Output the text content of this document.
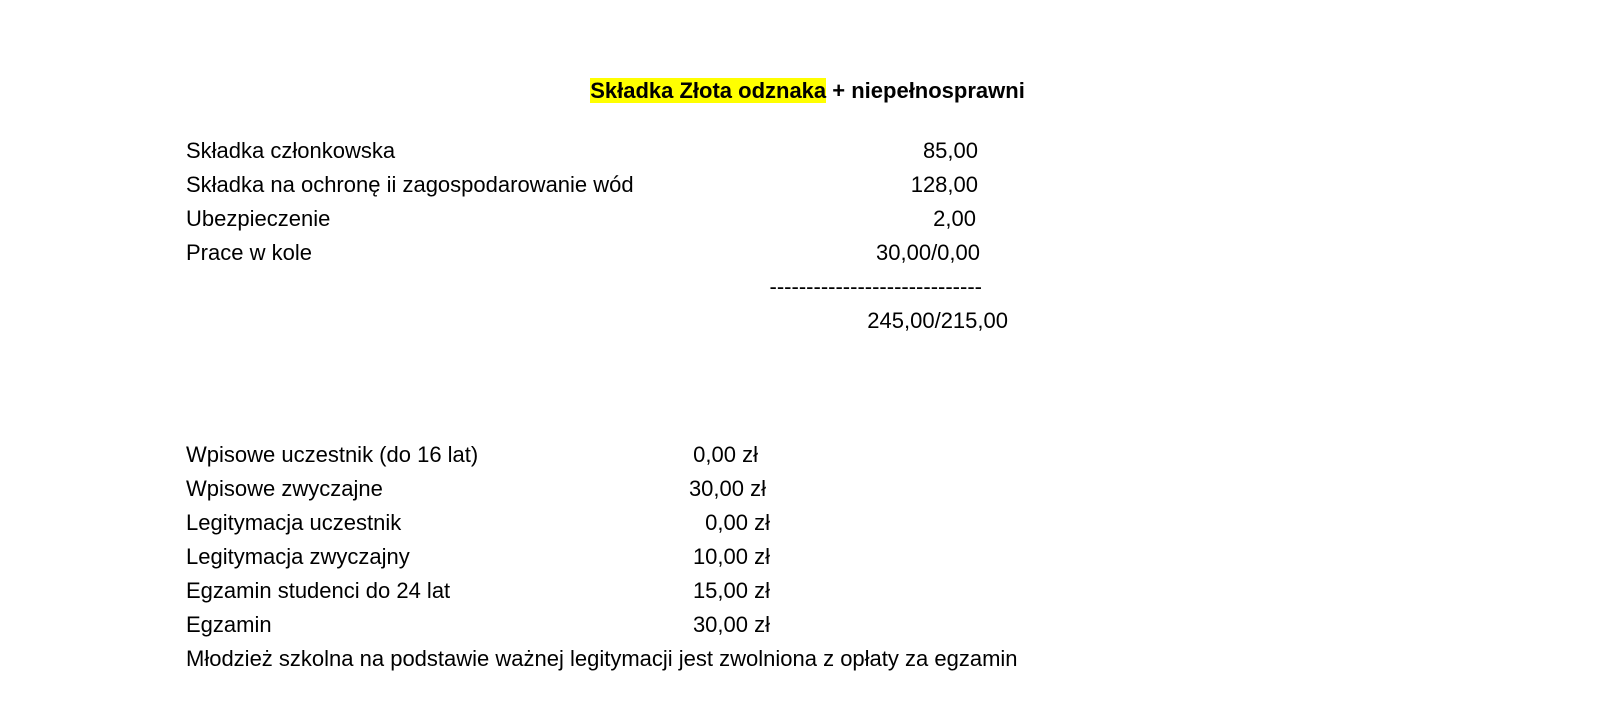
Składka Złota odznaka + niepełnosprawni
Składka członkowska	85,00
Składka na ochronę ii zagospodarowanie wód	128,00
Ubezpieczenie	2,00
Prace w kole	30,00/0,00
-----------------------------
245,00/215,00
Wpisowe uczestnik (do 16 lat)	0,00 zł
Wpisowe zwyczajne	30,00 zł
Legitymacja uczestnik	0,00 zł
Legitymacja zwyczajny	10,00 zł
Egzamin studenci do 24 lat	15,00 zł
Egzamin	30,00 zł
Młodzież szkolna na podstawie ważnej legitymacji jest zwolniona z opłaty za egzamin
